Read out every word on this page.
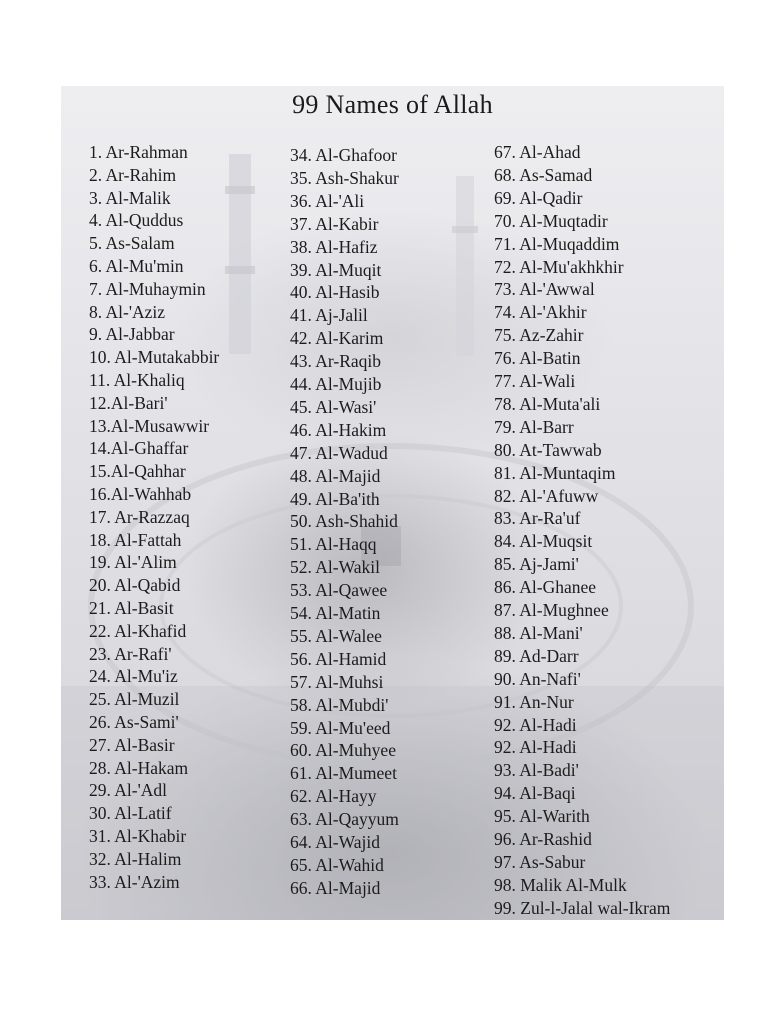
99 Names of Allah
1. Ar-Rahman
2. Ar-Rahim
3. Al-Malik
4. Al-Quddus
5. As-Salam
6. Al-Mu'min
7. Al-Muhaymin
8. Al-'Aziz
9. Al-Jabbar
10. Al-Mutakabbir
11. Al-Khaliq
12.Al-Bari'
13.Al-Musawwir
14.Al-Ghaffar
15.Al-Qahhar
16.Al-Wahhab
17. Ar-Razzaq
18. Al-Fattah
19. Al-'Alim
20. Al-Qabid
21. Al-Basit
22. Al-Khafid
23. Ar-Rafi'
24. Al-Mu'iz
25. Al-Muzil
26. As-Sami'
27. Al-Basir
28. Al-Hakam
29. Al-'Adl
30. Al-Latif
31. Al-Khabir
32. Al-Halim
33. Al-'Azim
34. Al-Ghafoor
35. Ash-Shakur
36. Al-'Ali
37. Al-Kabir
38. Al-Hafiz
39. Al-Muqit
40. Al-Hasib
41. Aj-Jalil
42. Al-Karim
43. Ar-Raqib
44. Al-Mujib
45. Al-Wasi'
46. Al-Hakim
47. Al-Wadud
48. Al-Majid
49. Al-Ba'ith
50. Ash-Shahid
51. Al-Haqq
52. Al-Wakil
53. Al-Qawee
54. Al-Matin
55. Al-Walee
56. Al-Hamid
57. Al-Muhsi
58. Al-Mubdi'
59. Al-Mu'eed
60. Al-Muhyee
61. Al-Mumeet
62. Al-Hayy
63. Al-Qayyum
64. Al-Wajid
65. Al-Wahid
66. Al-Majid
67. Al-Ahad
68. As-Samad
69. Al-Qadir
70. Al-Muqtadir
71. Al-Muqaddim
72. Al-Mu'akhkhir
73. Al-'Awwal
74. Al-'Akhir
75. Az-Zahir
76. Al-Batin
77. Al-Wali
78. Al-Muta'ali
79. Al-Barr
80. At-Tawwab
81. Al-Muntaqim
82. Al-'Afuww
83. Ar-Ra'uf
84. Al-Muqsit
85. Aj-Jami'
86. Al-Ghanee
87. Al-Mughnee
88. Al-Mani'
89. Ad-Darr
90. An-Nafi'
91. An-Nur
92. Al-Hadi
92. Al-Hadi
93. Al-Badi'
94. Al-Baqi
95. Al-Warith
96. Ar-Rashid
97. As-Sabur
98. Malik Al-Mulk
99. Zul-l-Jalal wal-Ikram
